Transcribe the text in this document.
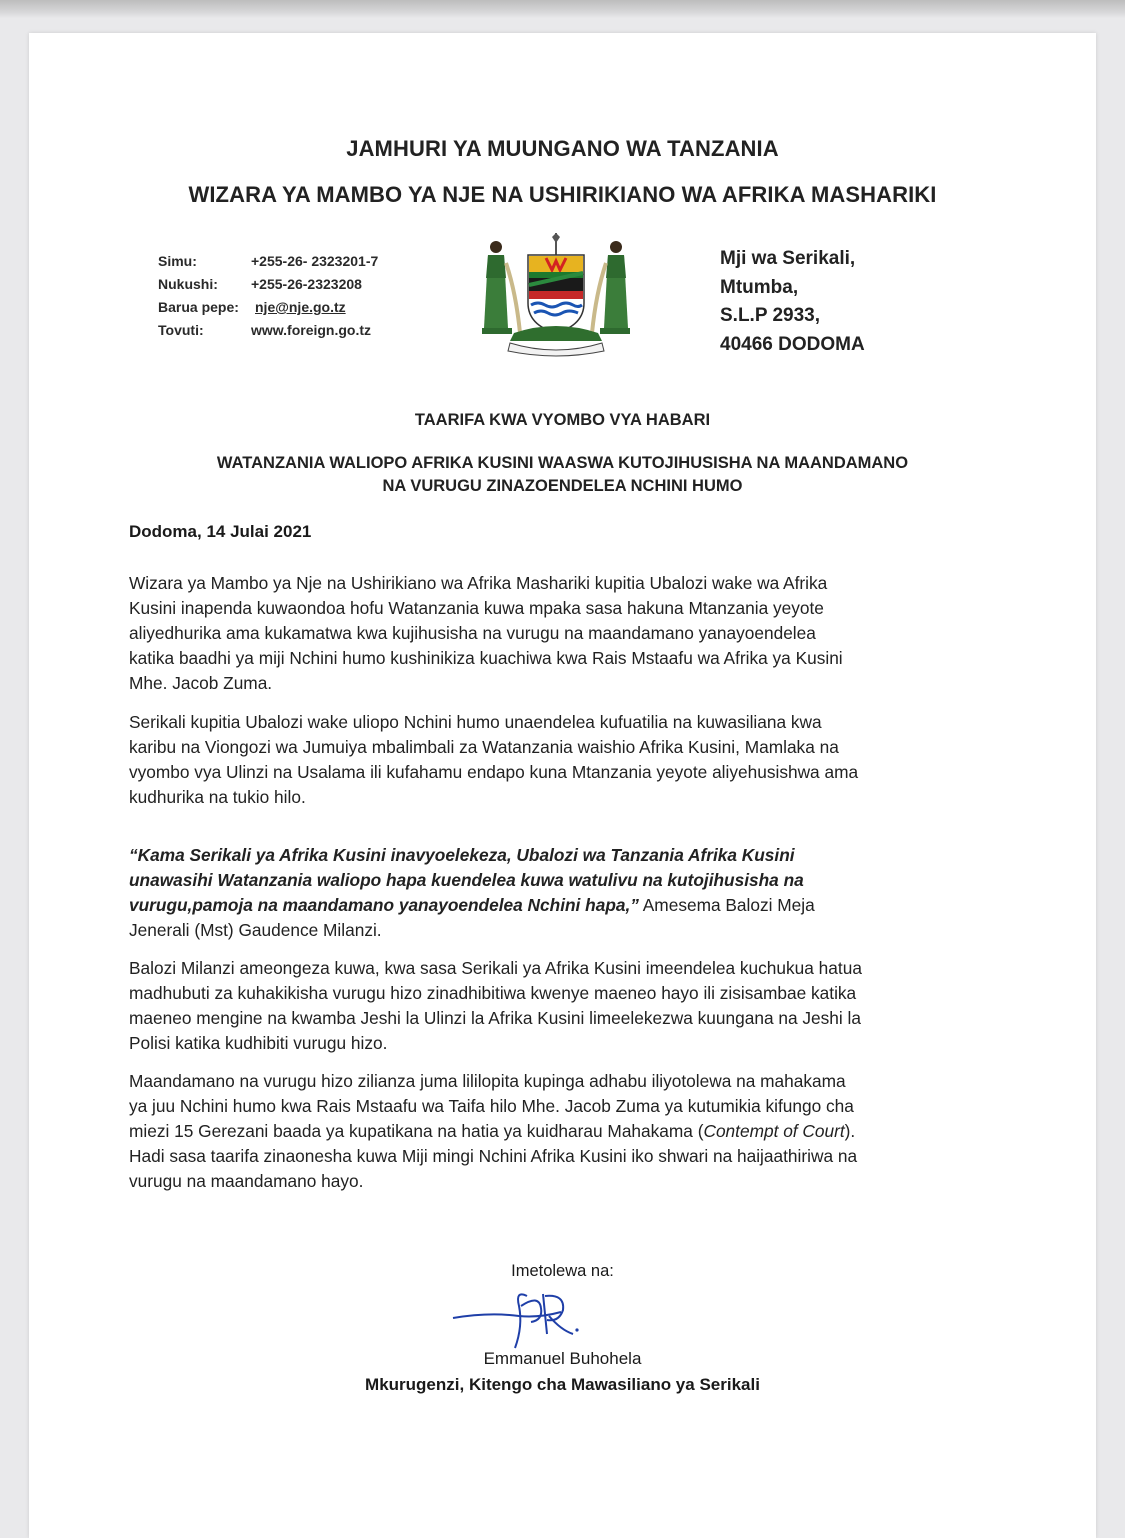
JAMHURI YA MUUNGANO WA TANZANIA
WIZARA YA MAMBO YA NJE NA USHIRIKIANO WA AFRIKA MASHARIKI
Simu:	+255-26- 2323201-7
Nukushi: +255-26-2323208
Barua pepe: nje@nje.go.tz
Tovuti:	www.foreign.go.tz
Mji wa Serikali,
Mtumba,
S.L.P 2933,
40466 DODOMA
TAARIFA KWA VYOMBO VYA HABARI
WATANZANIA WALIOPO AFRIKA KUSINI WAASWA KUTOJIHUSISHA NA MAANDAMANO
NA VURUGU ZINAZOENDELEA NCHINI HUMO
Dodoma, 14 Julai 2021
Wizara ya Mambo ya Nje na Ushirikiano wa Afrika Mashariki kupitia Ubalozi wake wa Afrika
Kusini inapenda kuwaondoa hofu Watanzania kuwa mpaka sasa hakuna Mtanzania yeyote
aliyedhurika ama kukamatwa kwa kujihusisha na vurugu na maandamano yanayoendelea
katika baadhi ya miji Nchini humo kushinikiza kuachiwa kwa Rais Mstaafu wa Afrika ya Kusini
Mhe. Jacob Zuma.
Serikali kupitia Ubalozi wake uliopo Nchini humo unaendelea kufuatilia na kuwasiliana kwa
karibu na Viongozi wa Jumuiya mbalimbali za Watanzania waishio Afrika Kusini, Mamlaka na
vyombo vya Ulinzi na Usalama ili kufahamu endapo kuna Mtanzania yeyote aliyehusishwa ama
kudhurika na tukio hilo.
“Kama Serikali ya Afrika Kusini inavyoelekeza, Ubalozi wa Tanzania Afrika Kusini
unawasihi Watanzania waliopo hapa kuendelea kuwa watulivu na kutojihusisha na
vurugu,pamoja na maandamano yanayoendelea Nchini hapa,” Amesema Balozi Meja
Jenerali (Mst) Gaudence Milanzi.
Balozi Milanzi ameongeza kuwa, kwa sasa Serikali ya Afrika Kusini imeendelea kuchukua hatua
madhubuti za kuhakikisha vurugu hizo zinadhibitiwa kwenye maeneo hayo ili zisisambae katika
maeneo mengine na kwamba Jeshi la Ulinzi la Afrika Kusini limeelekezwa kuungana na Jeshi la
Polisi katika kudhibiti vurugu hizo.
Maandamano na vurugu hizo zilianza juma lililopita kupinga adhabu iliyotolewa na mahakama
ya juu Nchini humo kwa Rais Mstaafu wa Taifa hilo Mhe. Jacob Zuma ya kutumikia kifungo cha
miezi 15 Gerezani baada ya kupatikana na hatia ya kuidharau Mahakama (Contempt of Court).
Hadi sasa taarifa zinaonesha kuwa Miji mingi Nchini Afrika Kusini iko shwari na haijaathiriwa na
vurugu na maandamano hayo.
Imetolewa na:
Emmanuel Buhohela
Mkurugenzi, Kitengo cha Mawasiliano ya Serikali
